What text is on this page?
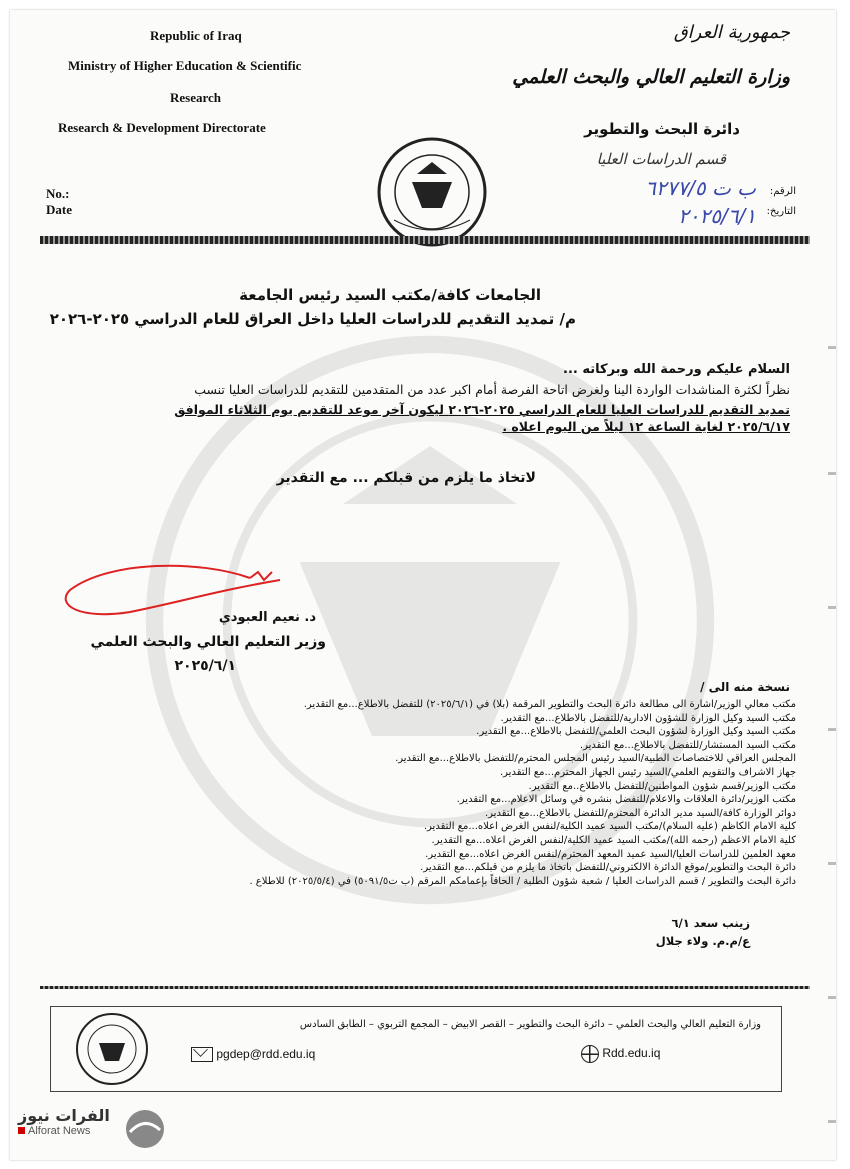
Republic of Iraq
Ministry of Higher Education & Scientific
Research
Research & Development Directorate
No.:
Date
جمهورية العراق
وزارة التعليم العالي والبحث العلمي
دائرة البحث والتطوير
قسم الدراسات العليا
الرقم:
التاريخ:
ب ت ٦٢٧٧/٥
٢٠٢٥/٦/١
الجامعات كافة/مكتب السيد رئيس الجامعة
م/ تمديد التقديم للدراسات العليا داخل العراق للعام الدراسي ٢٠٢٥-٢٠٢٦
السلام عليكم ورحمة الله وبركاته ...
نظراً لكثرة المناشدات الواردة الينا ولغرض اتاحة الفرصة أمام اكبر عدد من المتقدمين للتقديم للدراسات العليا تنسب
تمديد التقديم للدراسات العليا للعام الدراسي ٢٠٢٥-٢٠٢٦ ليكون آخر موعد للتقديم يوم الثلاثاء الموافق
٢٠٢٥/٦/١٧ لغاية الساعة ١٢ ليلاً من اليوم اعلاه .
لاتخاذ ما يلزم من قبلكم ... مع التقدير
د. نعيم العبودي
وزير التعليم العالي والبحث العلمي
٢٠٢٥/٦/١
نسخة منه الى /
مكتب معالي الوزير/اشارة الى مطالعة دائرة البحث والتطوير المرقمة (بلا) في (٢٠٢٥/٦/١) للتفضل بالاطلاع...مع التقدير.
مكتب السيد وكيل الوزارة للشؤون الادارية/للتفضل بالاطلاع...مع التقدير.
مكتب السيد وكيل الوزارة لشؤون البحث العلمي/للتفضل بالاطلاع...مع التقدير.
مكتب السيد المستشار/للتفضل بالاطلاع...مع التقدير.
المجلس العراقي للاختصاصات الطبية/السيد رئيس المجلس المحترم/للتفضل بالاطلاع...مع التقدير.
جهاز الاشراف والتقويم العلمي/السيد رئيس الجهاز المحترم...مع التقدير.
مكتب الوزير/قسم شؤون المواطنين/للتفضل بالاطلاع..مع التقدير.
مكتب الوزير/دائرة العلاقات والاعلام/للتفضل بنشره في وسائل الاعلام...مع التقدير.
دوائر الوزارة كافة/السيد مدير الدائرة المحترم/للتفضل بالاطلاع...مع التقدير.
كلية الامام الكاظم (عليه السلام)/مكتب السيد عميد الكلية/لنفس الغرض اعلاه...مع التقدير.
كلية الامام الاعظم (رحمه الله)/مكتب السيد عميد الكلية/لنفس الغرض اعلاه...مع التقدير.
معهد العلمين للدراسات العليا/السيد عميد المعهد المحترم/لنفس الغرض اعلاه...مع التقدير.
دائرة البحث والتطوير/موقع الدائرة الالكتروني/للتفضل باتخاذ ما يلزم من قبلكم...مع التقدير.
دائرة البحث والتطوير / قسم الدراسات العليا / شعبة شؤون الطلبة / الحاقاً بإعمامكم المرقم (ب ت٥٠٩١/٥) في (٢٠٢٥/٥/٤) للاطلاع .
زينب سعد ٦/١
ع/م.م. ولاء جلال
وزارة التعليم العالي والبحث العلمي – دائرة البحث والتطوير – القصر الابيض – المجمع التربوي – الطابق السادس
pgdep@rdd.edu.iq	Rdd.edu.iq
الفرات نيوز
Alforat News
